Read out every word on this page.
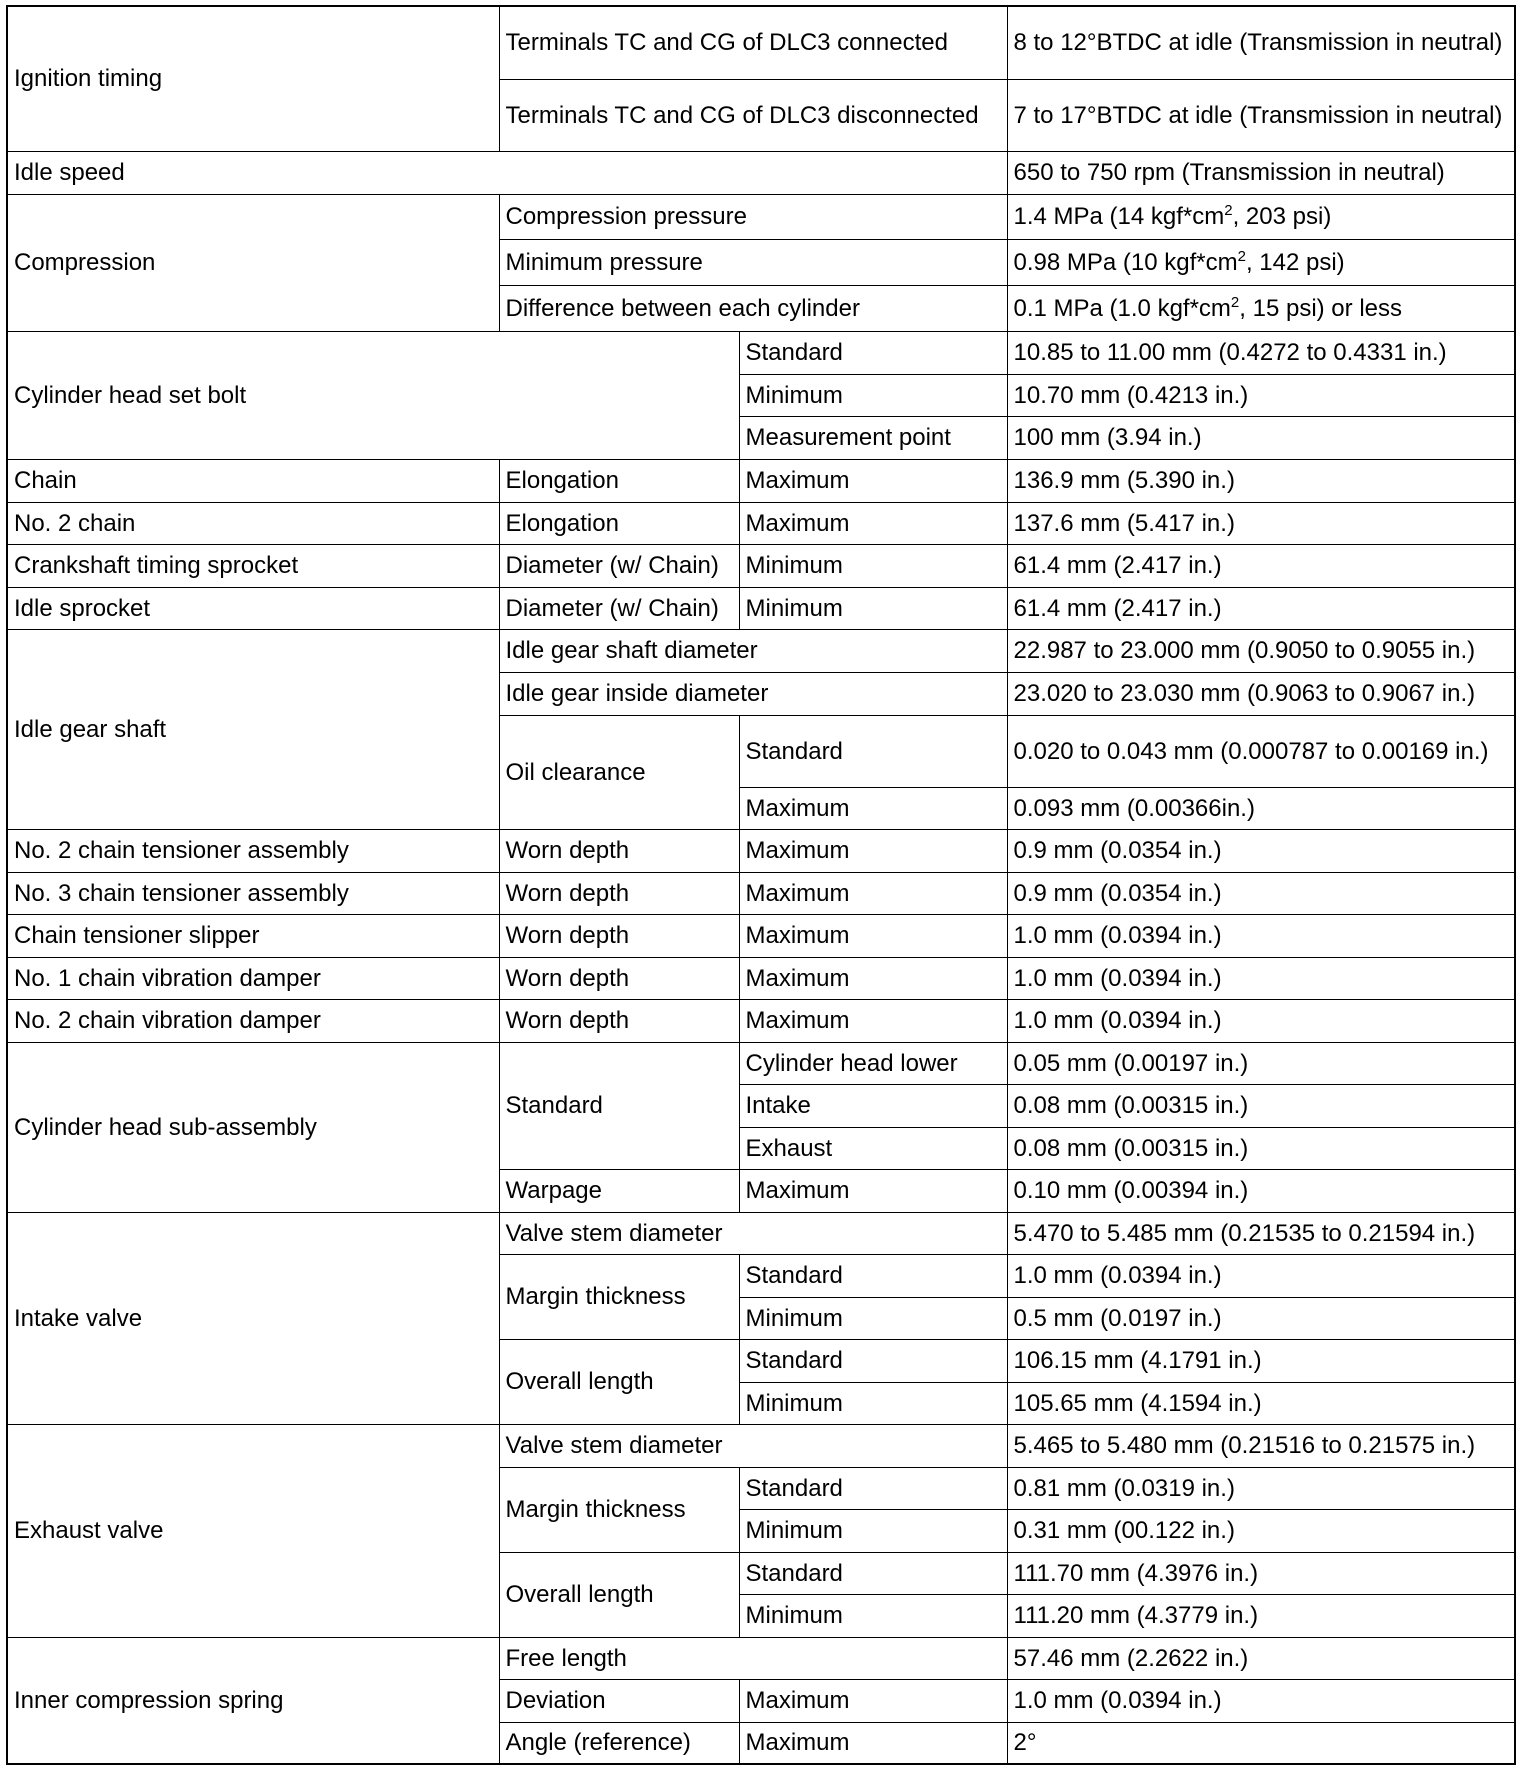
Ignition timing	Terminals TC and CG of DLC3 connected		8 to 12°BTDC at idle (Transmission in neutral)
	Terminals TC and CG of DLC3 disconnected		7 to 17°BTDC at idle (Transmission in neutral)
Idle speed			650 to 750 rpm (Transmission in neutral)
Compression	Compression pressure		1.4 MPa (14 $kgf*cm^2$, 203 psi)
	Minimum pressure		0.98 MPa (10 $kgf*cm^2$, 142 psi)
	Difference between each cylinder		0.1 MPa (1.0 $kgf*cm^2$, 15 psi) or less
Cylinder head set bolt		Standard	10.85 to 11.00 mm (0.4272 to 0.4331 in.)
		Minimum	10.70 mm (0.4213 in.)
		Measurement point	100 mm (3.94 in.)
Chain	Elongation	Maximum	136.9 mm (5.390 in.)
No. 2 chain	Elongation	Maximum	137.6 mm (5.417 in.)
Crankshaft timing sprocket	Diameter (w/ Chain)	Minimum	61.4 mm (2.417 in.)
Idle sprocket	Diameter (w/ Chain)	Minimum	61.4 mm (2.417 in.)
Idle gear shaft	Idle gear shaft diameter		22.987 to 23.000 mm (0.9050 to 0.9055 in.)
	Idle gear inside diameter		23.020 to 23.030 mm (0.9063 to 0.9067 in.)
	Oil clearance	Standard	0.020 to 0.043 mm (0.000787 to 0.00169 in.)
		Maximum	0.093 mm (0.00366in.)
No. 2 chain tensioner assembly	Worn depth	Maximum	0.9 mm (0.0354 in.)
No. 3 chain tensioner assembly	Worn depth	Maximum	0.9 mm (0.0354 in.)
Chain tensioner slipper	Worn depth	Maximum	1.0 mm (0.0394 in.)
No. 1 chain vibration damper	Worn depth	Maximum	1.0 mm (0.0394 in.)
No. 2 chain vibration damper	Worn depth	Maximum	1.0 mm (0.0394 in.)
Cylinder head sub-assembly	Standard	Cylinder head lower	0.05 mm (0.00197 in.)
		Intake	0.08 mm (0.00315 in.)
		Exhaust	0.08 mm (0.00315 in.)
	Warpage	Maximum	0.10 mm (0.00394 in.)
Intake valve	Valve stem diameter		5.470 to 5.485 mm (0.21535 to 0.21594 in.)
	Margin thickness	Standard	1.0 mm (0.0394 in.)
		Minimum	0.5 mm (0.0197 in.)
	Overall length	Standard	106.15 mm (4.1791 in.)
		Minimum	105.65 mm (4.1594 in.)
Exhaust valve	Valve stem diameter		5.465 to 5.480 mm (0.21516 to 0.21575 in.)
	Margin thickness	Standard	0.81 mm (0.0319 in.)
		Minimum	0.31 mm (00.122 in.)
	Overall length	Standard	111.70 mm (4.3976 in.)
		Minimum	111.20 mm (4.3779 in.)
Inner compression spring	Free length		57.46 mm (2.2622 in.)
	Deviation	Maximum	1.0 mm (0.0394 in.)
	Angle (reference)	Maximum	2°
